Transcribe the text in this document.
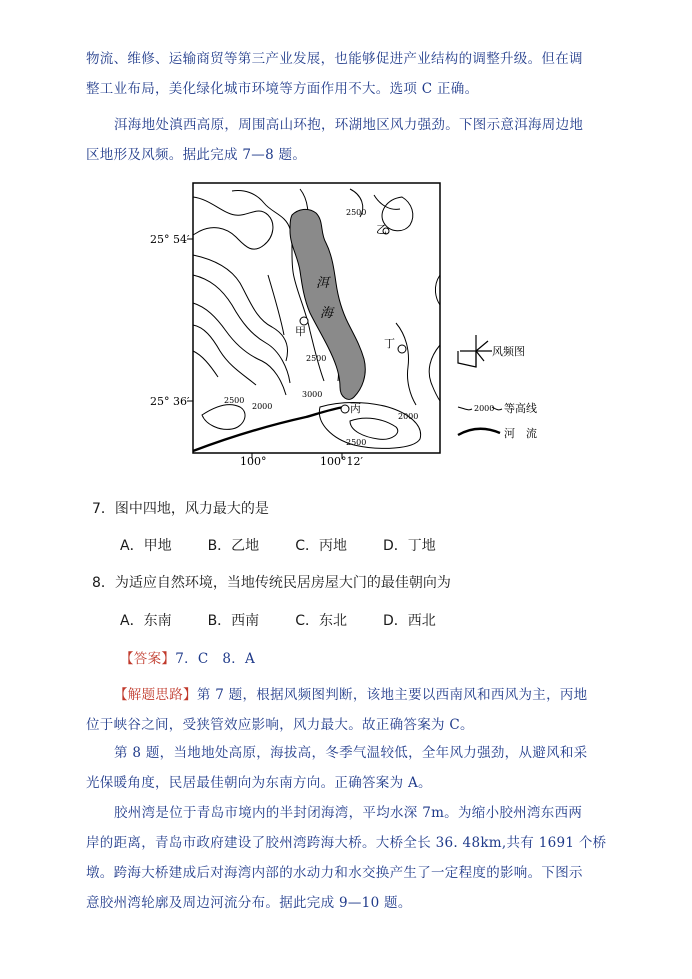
物流、维修、运输商贸等第三产业发展，也能够促进产业结构的调整升级。但在调
整工业布局，美化绿化城市环境等方面作用不大。选项 C 正确。
洱海地处滇西高原，周围高山环抱，环湖地区风力强劲。下图示意洱海周边地
区地形及风频。据此完成 7—8 题。
洱
海
甲
乙
丙
丁
2500
2500
2500
2500
2000
2000
3000
25° 54′
25° 36′
100°	100°12′
风频图
2000 等高线
河　流
7．图中四地，风力最大的是
A．甲地	B．乙地	C．丙地	D．丁地
8．为适应自然环境，当地传统民居房屋大门的最佳朝向为
A．东南	B．西南	C．东北	D．西北
【答案】7．C　8．A
【解题思路】第 7 题，根据风频图判断，该地主要以西南风和西风为主，丙地
位于峡谷之间，受狭管效应影响，风力最大。故正确答案为 C。
第 8 题，当地地处高原，海拔高，冬季气温较低，全年风力强劲，从避风和采
光保暖角度，民居最佳朝向为东南方向。正确答案为 A。
胶州湾是位于青岛市境内的半封闭海湾，平均水深 7m。为缩小胶州湾东西两
岸的距离，青岛市政府建设了胶州湾跨海大桥。大桥全长 36. 48km,共有 1691 个桥
墩。跨海大桥建成后对海湾内部的水动力和水交换产生了一定程度的影响。下图示
意胶州湾轮廓及周边河流分布。据此完成 9—10 题。
